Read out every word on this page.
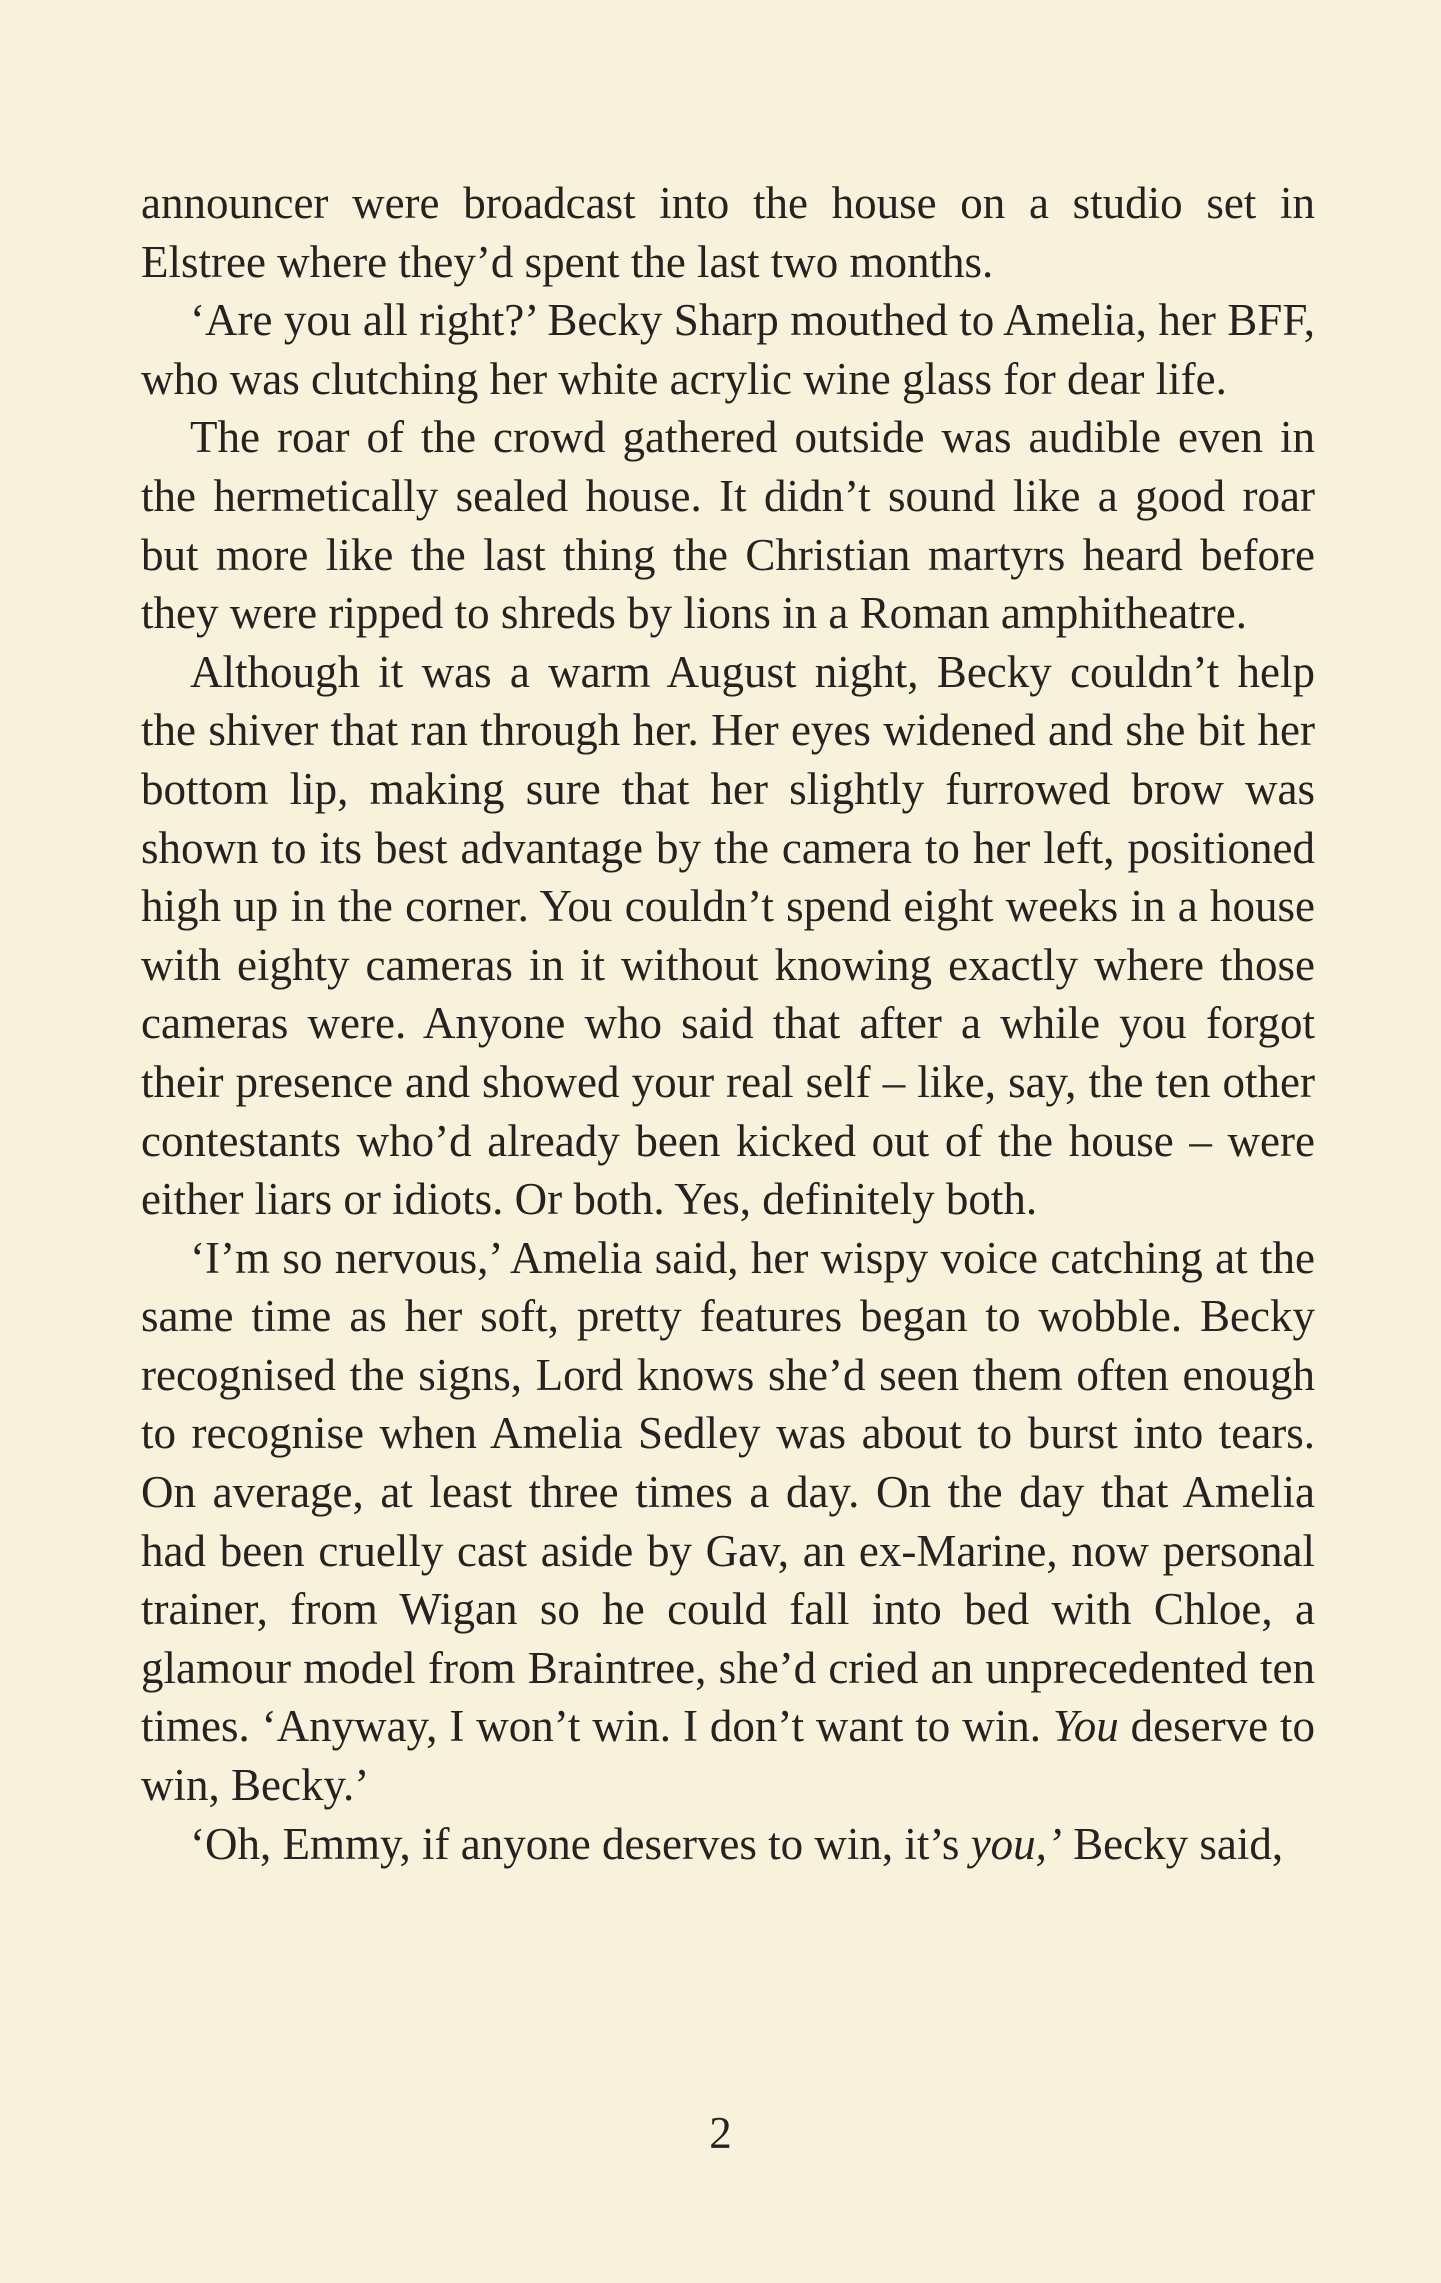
announcer were broadcast into the house on a studio set in Elstree where they’d spent the last two months.

‘Are you all right?’ Becky Sharp mouthed to Amelia, her BFF, who was clutching her white acrylic wine glass for dear life.

The roar of the crowd gathered outside was audible even in the hermetically sealed house. It didn’t sound like a good roar but more like the last thing the Christian martyrs heard before they were ripped to shreds by lions in a Roman amphitheatre.

Although it was a warm August night, Becky couldn’t help the shiver that ran through her. Her eyes widened and she bit her bottom lip, making sure that her slightly furrowed brow was shown to its best advantage by the camera to her left, positioned high up in the corner. You couldn’t spend eight weeks in a house with eighty cameras in it without knowing exactly where those cameras were. Anyone who said that after a while you forgot their presence and showed your real self – like, say, the ten other contestants who’d already been kicked out of the house – were either liars or idiots. Or both. Yes, definitely both.

‘I’m so nervous,’ Amelia said, her wispy voice catching at the same time as her soft, pretty features began to wobble. Becky recognised the signs, Lord knows she’d seen them often enough to recognise when Amelia Sedley was about to burst into tears. On average, at least three times a day. On the day that Amelia had been cruelly cast aside by Gav, an ex-Marine, now personal trainer, from Wigan so he could fall into bed with Chloe, a glamour model from Braintree, she’d cried an unprecedented ten times. ‘Anyway, I won’t win. I don’t want to win. You deserve to win, Becky.’

‘Oh, Emmy, if anyone deserves to win, it’s you,’ Becky said,

2
